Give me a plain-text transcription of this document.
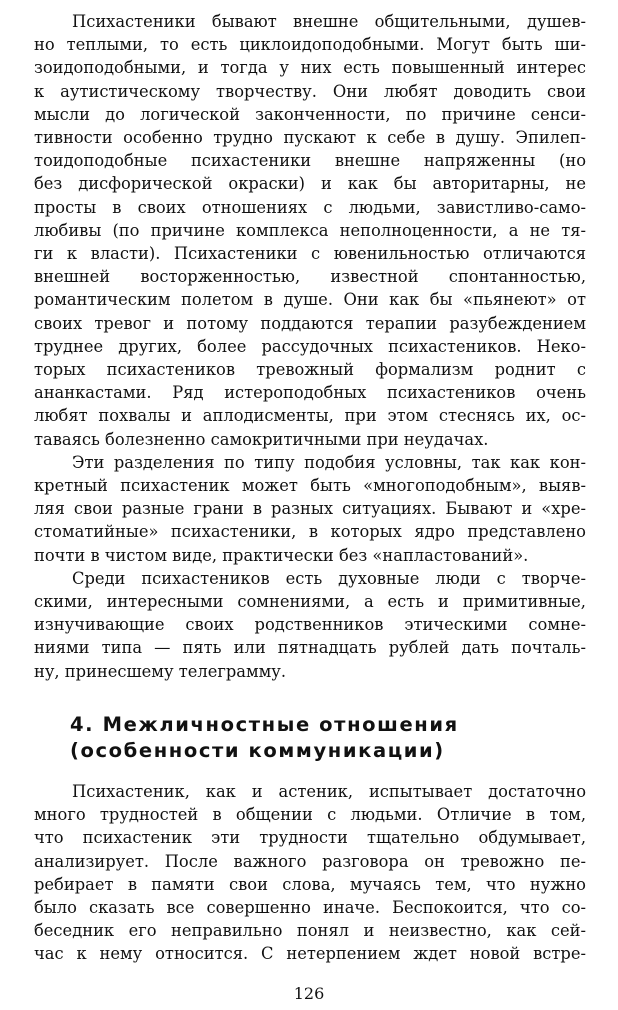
Психастеники бывают внешне общительными, душев-
но теплыми, то есть циклоидоподобными. Могут быть ши-
зоидоподобными, и тогда у них есть повышенный интерес
к аутистическому творчеству. Они любят доводить свои
мысли до логической законченности, по причине сенси-
тивности особенно трудно пускают к себе в душу. Эпилеп-
тоидоподобные психастеники внешне напряженны (но
без дисфорической окраски) и как бы авторитарны, не
просты в своих отношениях с людьми, завистливо-само-
любивы (по причине комплекса неполноценности, а не тя-
ги к власти). Психастеники с ювенильностью отличаются
внешней восторженностью, известной спонтанностью,
романтическим полетом в душе. Они как бы «пьянеют» от
своих тревог и потому поддаются терапии разубеждением
труднее других, более рассудочных психастеников. Неко-
торых психастеников тревожный формализм роднит с
ананкастами. Ряд истероподобных психастеников очень
любят похвалы и аплодисменты, при этом стеснясь их, ос-
таваясь болезненно самокритичными при неудачах.
Эти разделения по типу подобия условны, так как кон-
кретный психастеник может быть «многоподобным», выяв-
ляя свои разные грани в разных ситуациях. Бывают и «хре-
стоматийные» психастеники, в которых ядро представлено
почти в чистом виде, практически без «напластований».
Среди психастеников есть духовные люди с творче-
скими, интересными сомнениями, а есть и примитивные,
изнучивающие своих родственников этическими сомне-
ниями типа — пять или пятнадцать рублей дать почталь-
ну, принесшему телеграмму.
4. Межличностные отношения
(особенности коммуникации)
Психастеник, как и астеник, испытывает достаточно
много трудностей в общении с людьми. Отличие в том,
что психастеник эти трудности тщательно обдумывает,
анализирует. После важного разговора он тревожно пе-
ребирает в памяти свои слова, мучаясь тем, что нужно
было сказать все совершенно иначе. Беспокоится, что со-
беседник его неправильно понял и неизвестно, как сей-
час к нему относится. С нетерпением ждет новой встре-
126
